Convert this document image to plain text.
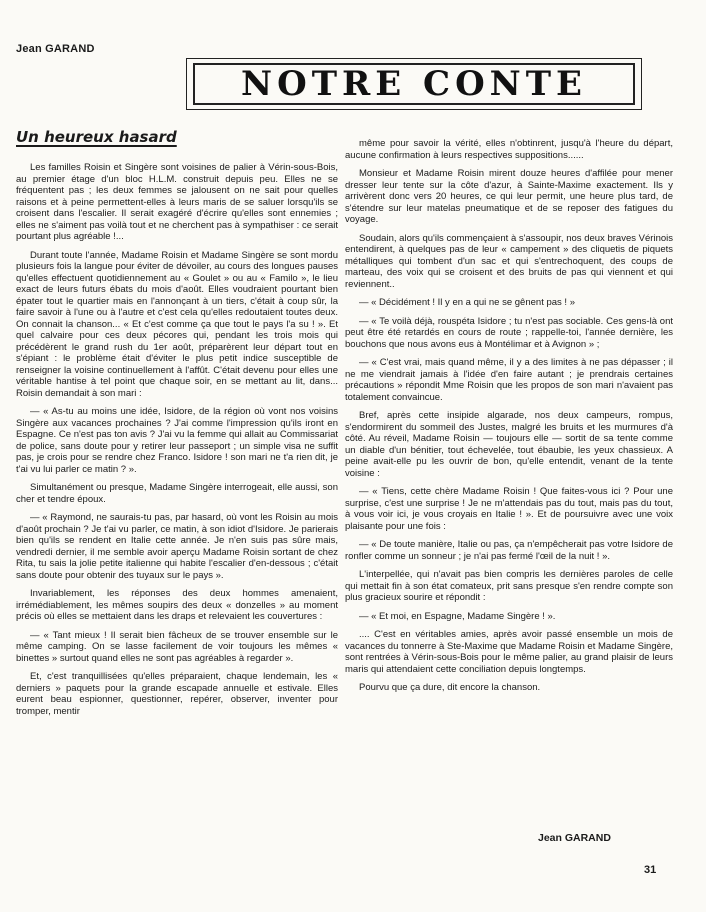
Jean GARAND
NOTRE CONTE
Un heureux hasard

Les familles Roisin et Singère sont voisines de palier à Vérin-sous-Bois, au premier étage d'un bloc H.L.M. construit depuis peu. Elles ne se fréquentent pas ; les deux femmes se jalousent on ne sait pour quelles raisons et à peine permettent-elles à leurs maris de se saluer lorsqu'ils se croisent dans l'escalier. Il serait exagéré d'écrire qu'elles sont ennemies ; elles ne s'aiment pas voilà tout et ne cherchent pas à sympathiser : ce serait pourtant plus agréable !...

Durant toute l'année, Madame Roisin et Madame Singère se sont mordu plusieurs fois la langue pour éviter de dévoiler, au cours des longues pauses qu'elles effectuent quotidiennement au « Goulet » ou au « Familo », le lieu exact de leurs futurs ébats du mois d'août. Elles voudraient pourtant bien épater tout le quartier mais en l'annonçant à un tiers, c'était à coup sûr, la faire savoir à l'une ou à l'autre et c'est cela qu'elles redoutaient toutes deux. On connait la chanson... « Et c'est comme ça que tout le pays l'a su ! ». Et quel calvaire pour ces deux pécores qui, pendant les trois mois qui précédèrent le grand rush du 1er août, préparèrent leur départ tout en s'épiant : le problème était d'éviter le plus petit indice susceptible de renseigner la voisine continuellement à l'affût. C'était devenu pour elles une véritable hantise à tel point que chaque soir, en se mettant au lit, dans... Roisin demandait à son mari :

— « As-tu au moins une idée, Isidore, de la région où vont nos voisins Singère aux vacances prochaines ? J'ai comme l'impression qu'ils iront en Espagne. Ce n'est pas ton avis ? J'ai vu la femme qui allait au Commissariat de police, sans doute pour y retirer leur passeport ; un simple visa ne suffit pas, je crois pour se rendre chez Franco. Isidore ! son mari ne t'a rien dit, je t'ai vu lui parler ce matin ? ».

Simultanément ou presque, Madame Singère interrogeait, elle aussi, son cher et tendre époux.

— « Raymond, ne saurais-tu pas, par hasard, où vont les Roisin au mois d'août prochain ? Je t'ai vu parler, ce matin, à son idiot d'Isidore. Je parierais bien qu'ils se rendent en Italie cette année. Je n'en suis pas sûre mais, vendredi dernier, il me semble avoir aperçu Madame Roisin sortant de chez Rita, tu sais la jolie petite italienne qui habite l'escalier d'en-dessous ; c'était sans doute pour obtenir des tuyaux sur le pays ».

Invariablement, les réponses des deux hommes amenaient, irrémédiablement, les mêmes soupirs des deux « donzelles » au moment précis où elles se mettaient dans les draps et relevaient les couvertures :

— « Tant mieux ! Il serait bien fâcheux de se trouver ensemble sur le même camping. On se lasse facilement de voir toujours les mêmes « binettes » surtout quand elles ne sont pas agréables à regarder ».

Et, c'est tranquillisées qu'elles préparaient, chaque lendemain, les « derniers » paquets pour la grande escapade annuelle et estivale. Elles eurent beau espionner, questionner, repérer, observer, inventer pour tromper, mentir

même pour savoir la vérité, elles n'obtinrent, jusqu'à l'heure du départ, aucune confirmation à leurs respectives suppositions......

Monsieur et Madame Roisin mirent douze heures d'affilée pour mener dresser leur tente sur la côte d'azur, à Sainte-Maxime exactement. Ils y arrivèrent donc vers 20 heures, ce qui leur permit, une heure plus tard, de s'étendre sur leur matelas pneumatique et de se reposer des fatigues du voyage.

Soudain, alors qu'ils commençaient à s'assoupir, nos deux braves Vérinois entendirent, à quelques pas de leur « campement » des cliquetis de piquets métalliques qui tombent d'un sac et qui s'entrechoquent, des coups de marteau, des voix qui se croisent et des bruits de pas qui viennent et qui reviennent..

— « Décidément ! Il y en a qui ne se gênent pas ! »

— « Te voilà déjà, rouspéta Isidore ; tu n'est pas sociable. Ces gens-là ont peut être été retardés en cours de route ; rappelle-toi, l'année dernière, les bouchons que nous avons eus à Montélimar et à Avignon » ;

— « C'est vrai, mais quand même, il y a des limites à ne pas dépasser ; il ne me viendrait jamais à l'idée d'en faire autant ; je prendrais certaines précautions » répondit Mme Roisin que les propos de son mari n'avaient pas totalement convaincue.

Bref, après cette insipide algarade, nos deux campeurs, rompus, s'endormirent du sommeil des Justes, malgré les bruits et les murmures d'à côté. Au réveil, Madame Roisin — toujours elle — sortit de sa tente comme un diable d'un bénitier, tout échevelée, tout ébaubie, les yeux chassieux. A peine avait-elle pu les ouvrir de bon, qu'elle entendit, venant de la tente voisine :

— « Tiens, cette chère Madame Roisin ! Que faites-vous ici ? Pour une surprise, c'est une surprise ! Je ne m'attendais pas du tout, mais pas du tout, à vous voir ici, je vous croyais en Italie ! ». Et de poursuivre avec une voix plaisante pour une fois :

— « De toute manière, Italie ou pas, ça n'empêcherait pas votre Isidore de ronfler comme un sonneur ; je n'ai pas fermé l'œil de la nuit ! ».

L'interpellée, qui n'avait pas bien compris les dernières paroles de celle qui mettait fin à son état comateux, prit sans presque s'en rendre compte son plus gracieux sourire et répondit :

— « Et moi, en Espagne, Madame Singère ! ».

.... C'est en véritables amies, après avoir passé ensemble un mois de vacances du tonnerre à Ste-Maxime que Madame Roisin et Madame Singère, sont rentrées à Vérin-sous-Bois pour le même palier, au grand plaisir de leurs maris qui attendaient cette conciliation depuis longtemps.

Pourvu que ça dure, dit encore la chanson.

Jean GARAND
31
